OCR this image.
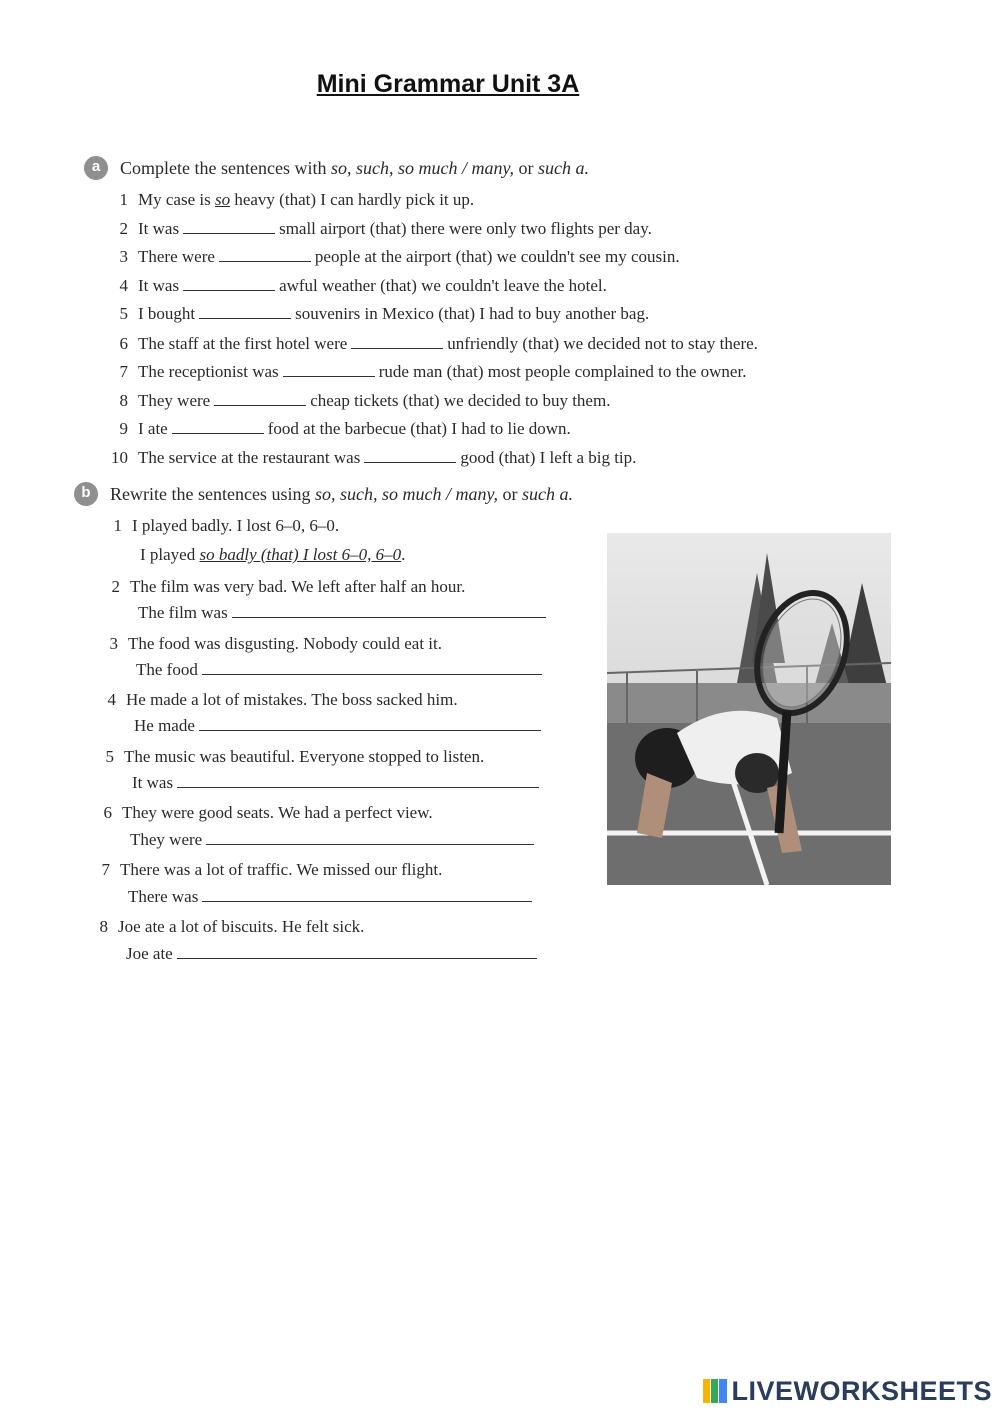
Mini Grammar Unit 3A
a	Complete the sentences with so, such, so much / many, or such a.
1 My case is so heavy (that) I can hardly pick it up.
2 It was	small airport (that) there were only two flights per day.
3 There were	people at the airport (that) we couldn't see my cousin.
4 It was	awful weather (that) we couldn't leave the hotel.
5 I bought	souvenirs in Mexico (that) I had to buy another bag.
6 The staff at the first hotel were	unfriendly (that) we decided not to stay there.
7 The receptionist was	rude man (that) most people complained to the owner.
8 They were	cheap tickets (that) we decided to buy them.
9 I ate	food at the barbecue (that) I had to lie down.
10 The service at the restaurant was	good (that) I left a big tip.
b	Rewrite the sentences using so, such, so much / many, or such a.
1 I played badly. I lost 6–0, 6–0.
I played so badly (that) I lost 6–0, 6–0.
2 The film was very bad. We left after half an hour.
The film was
3 The food was disgusting. Nobody could eat it.
The food
4 He made a lot of mistakes. The boss sacked him.
He made
5 The music was beautiful. Everyone stopped to listen.
It was
6 They were good seats. We had a perfect view.
They were
7 There was a lot of traffic. We missed our flight.
There was
8 Joe ate a lot of biscuits. He felt sick.
Joe ate
LIVEWORKSHEETS
